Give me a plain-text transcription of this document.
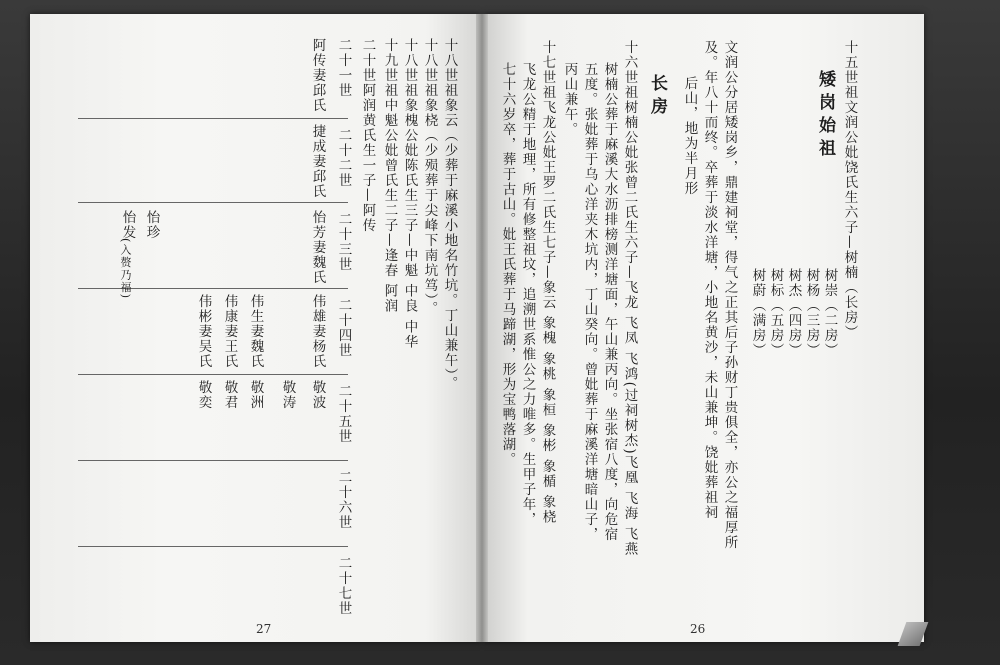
十五世祖文润公妣饶氏生六子—树楠（长房）
树崇（二房）
树杨（三房）
树杰（四房）
树标（五房）
树蔚（满房）
矮岗始祖
文润公分居矮岗乡，鼎建祠堂，得气之正其后子孙财丁贵俱全，亦公之福厚所
及。年八十而终。卒葬于淡水洋塘，小地名黄沙，未山兼坤。饶妣葬祖祠
后山，地为半月形
长房
十六世祖树楠公妣张曾二氏生六子—飞龙 飞凤 飞鸿(过祠树杰)飞凰 飞海 飞燕
树楠公葬于麻溪大水沥排榜测洋塘面，午山兼丙向。坐张宿八度，向危宿
五度。张妣葬于乌心洋夹木坑内，丁山癸向。曾妣葬于麻溪洋塘暗山子，
丙山兼午。
十七世祖飞龙公妣王罗二氏生七子—象云 象槐 象桃 象桓 象彬 象楯 象桡
飞龙公精于地理，所有修整祖坟，追溯世系惟公之力唯多。生甲子年，
七十六岁卒，葬于古山。妣王氏葬于马蹄湖，形为宝鸭落湖。
26
十八世祖象云（少葬于麻溪小地名竹坑。丁山兼午）。
十八世祖象桡（少殒葬于尖峰下南坑笃）。
十八世祖象槐公妣陈氏生三子—中魁 中良 中华
十九世祖中魁公妣曾氏生二子—逢春 阿润
二十世阿润黄氏生一子—阿传
二十一世
二十二世
二十三世
二十四世
二十五世
二十六世
二十七世
阿传妻邱氏
捷成妻邱氏
怡芳妻魏氏
怡珍
怡发
(入赘乃福)
伟雄妻杨氏
伟生妻魏氏
伟康妻王氏
伟彬妻吴氏
敬波
敬涛
敬洲
敬君
敬奕
27
